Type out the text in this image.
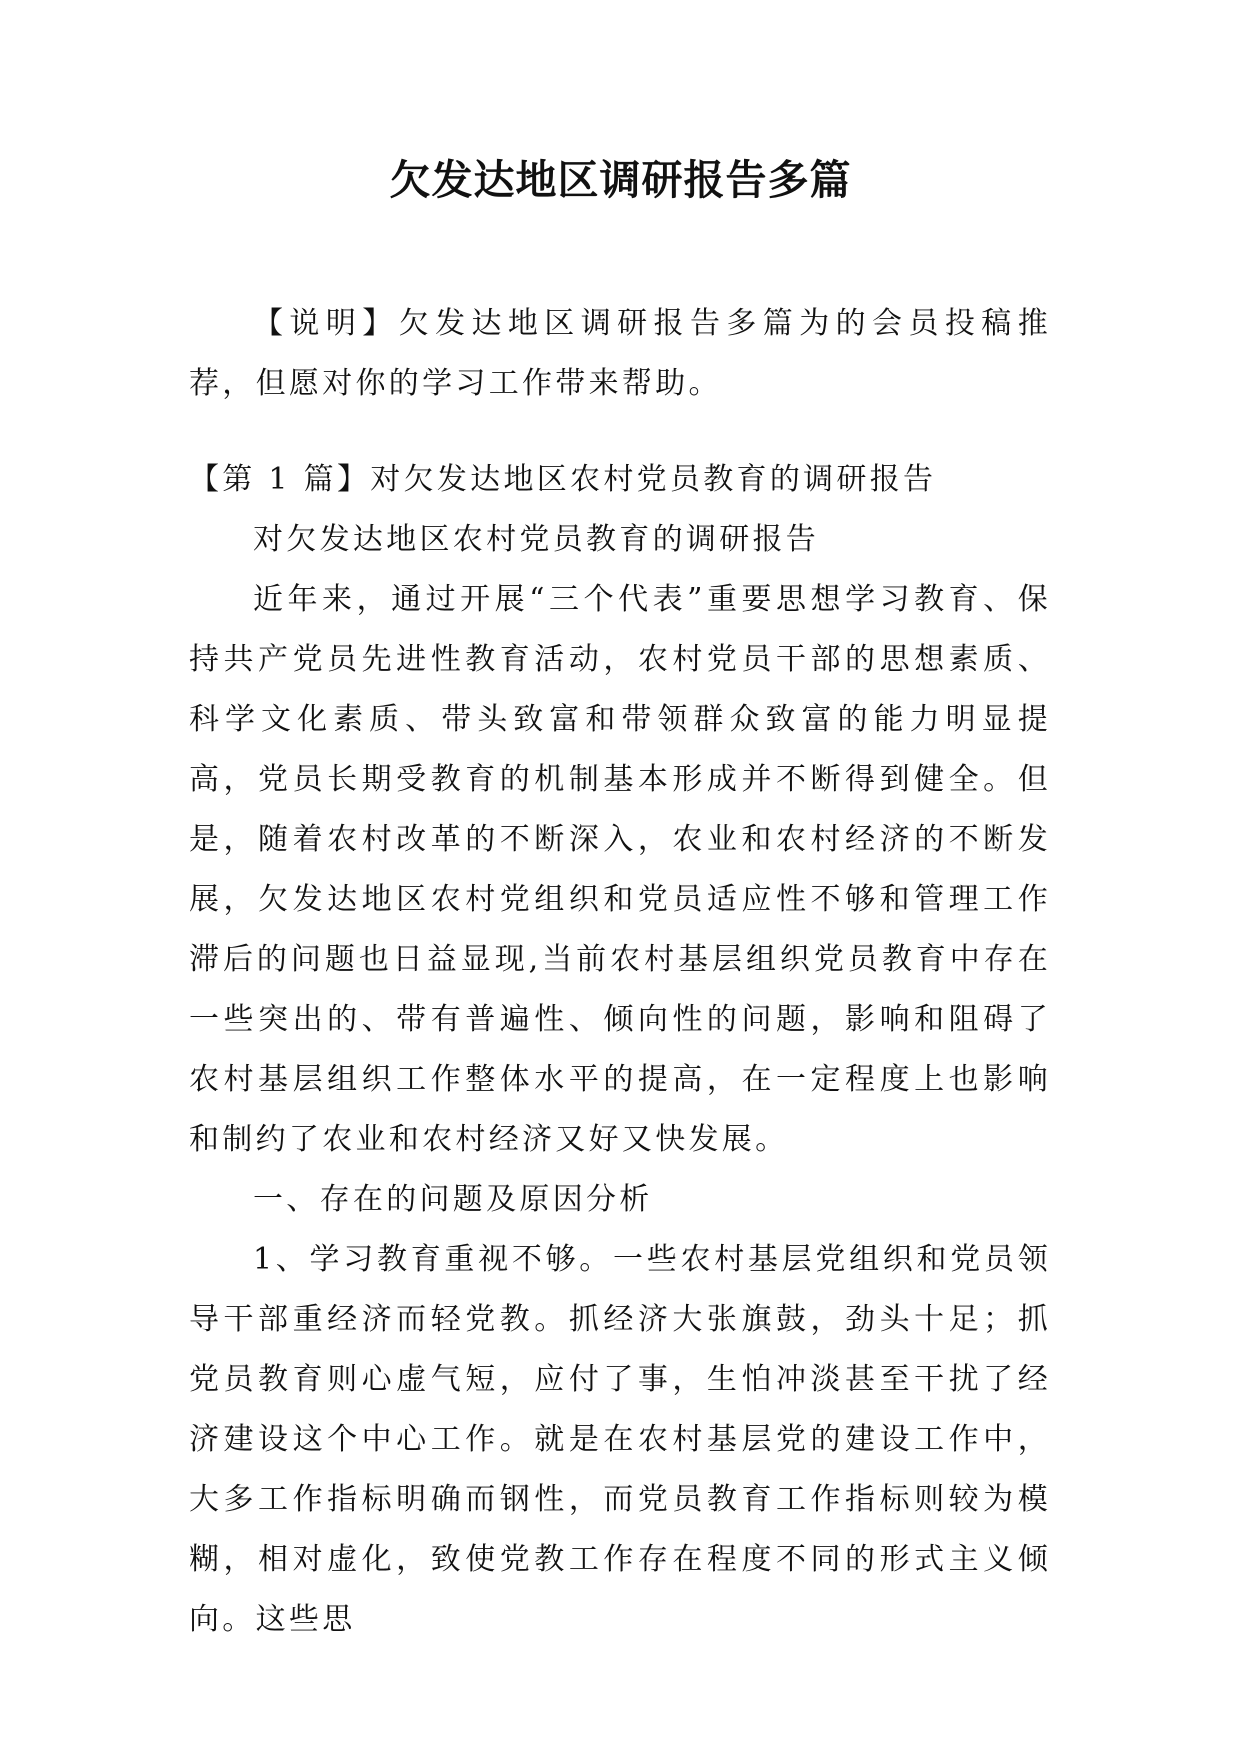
欠发达地区调研报告多篇

【说明】欠发达地区调研报告多篇为的会员投稿推荐，但愿对你的学习工作带来帮助。

【第 1 篇】对欠发达地区农村党员教育的调研报告

对欠发达地区农村党员教育的调研报告

近年来，通过开展“三个代表”重要思想学习教育、保持共产党员先进性教育活动，农村党员干部的思想素质、科学文化素质、带头致富和带领群众致富的能力明显提高，党员长期受教育的机制基本形成并不断得到健全。但是，随着农村改革的不断深入，农业和农村经济的不断发展，欠发达地区农村党组织和党员适应性不够和管理工作滞后的问题也日益显现,当前农村基层组织党员教育中存在一些突出的、带有普遍性、倾向性的问题，影响和阻碍了农村基层组织工作整体水平的提高，在一定程度上也影响和制约了农业和农村经济又好又快发展。

一、存在的问题及原因分析

1、学习教育重视不够。一些农村基层党组织和党员领导干部重经济而轻党教。抓经济大张旗鼓，劲头十足；抓党员教育则心虚气短，应付了事，生怕冲淡甚至干扰了经济建设这个中心工作。就是在农村基层党的建设工作中，大多工作指标明确而钢性，而党员教育工作指标则较为模糊，相对虚化，致使党教工作存在程度不同的形式主义倾向。这些思
